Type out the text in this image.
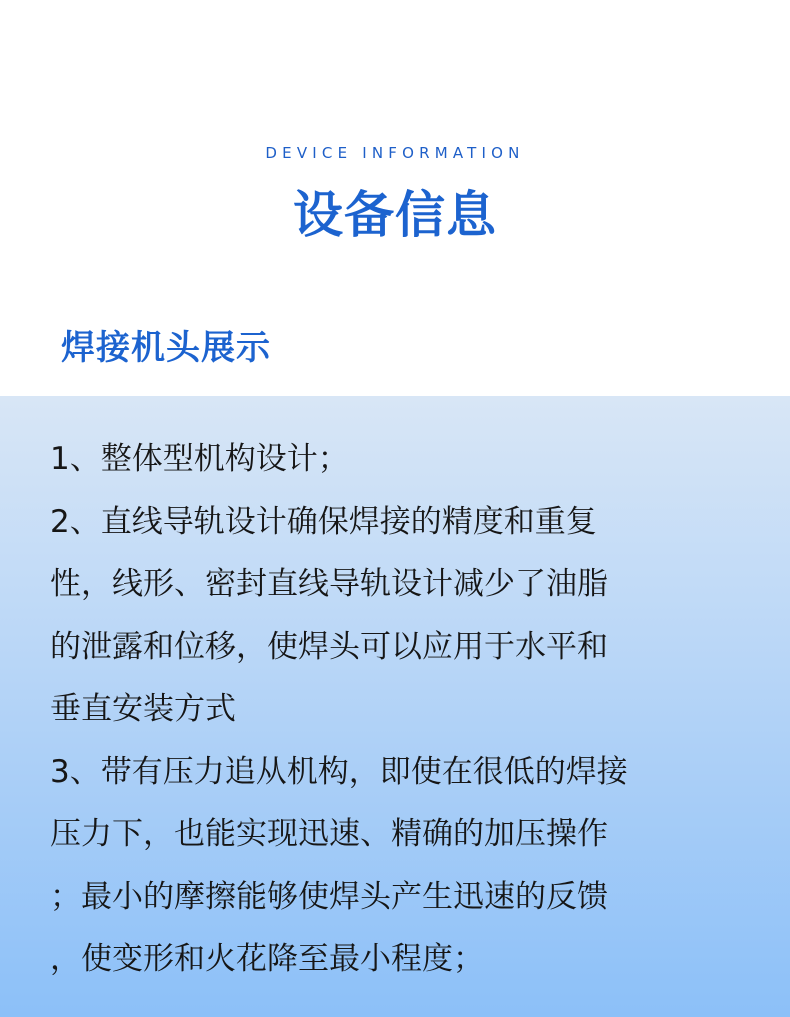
DEVICE INFORMATION
设备信息
焊接机头展示

1、整体型机构设计；

2、直线导轨设计确保焊接的精度和重复

性，线形、密封直线导轨设计减少了油脂

的泄露和位移，使焊头可以应用于水平和

垂直安装方式

3、带有压力追从机构，即使在很低的焊接

压力下，也能实现迅速、精确的加压操作

；最小的摩擦能够使焊头产生迅速的反馈

，使变形和火花降至最小程度；
